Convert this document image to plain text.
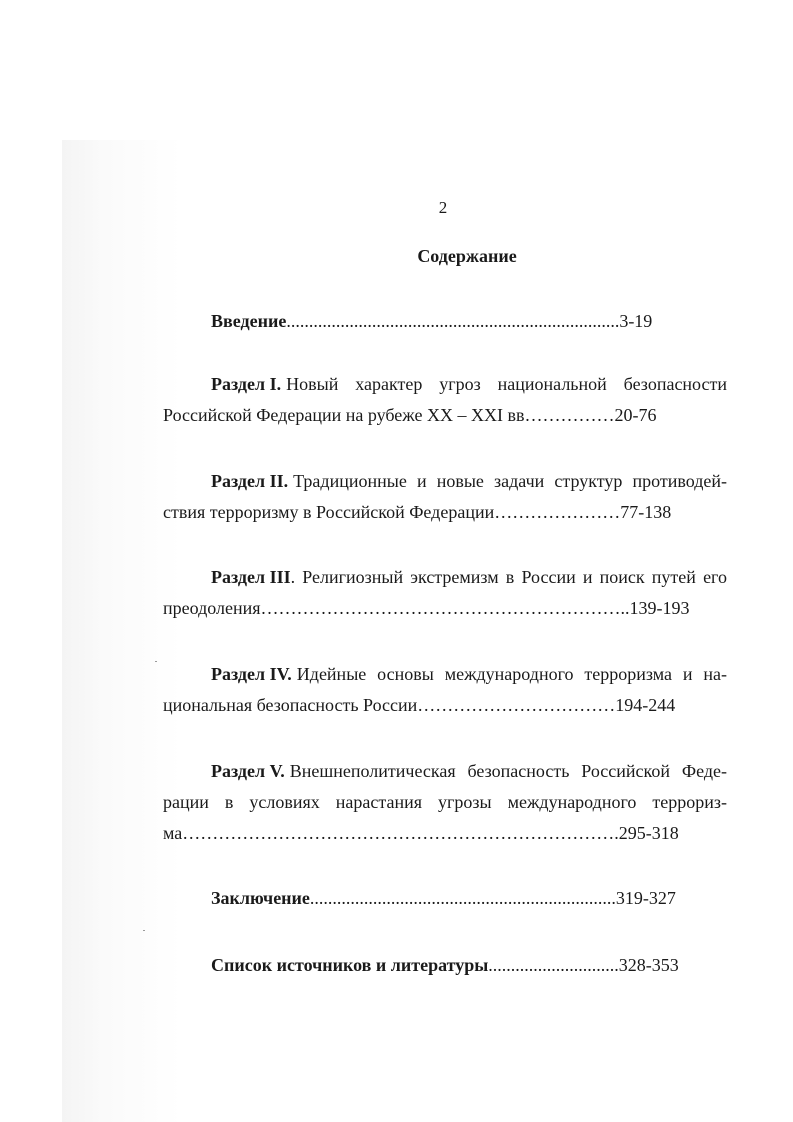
2
Содержание
Введение .......................................................................... 3-19
Раздел I. Новый характер угроз национальной безопасности
Российской Федерации на рубеже XX – XXI вв …………… 20-76
Раздел II. Традиционные и новые задачи структур противодей-
ствия терроризму в Российской Федерации ………………… 77-138
Раздел III . Религиозный экстремизм в России и поиск путей его
преодоления …………………………………………………….. 139-193
Раздел IV. Идейные основы международного терроризма и на-
циональная безопасность России …………………………… 194-244
Раздел V. Внешнеполитическая безопасность Российской Феде-
рации в условиях нарастания угрозы международного террориз-
ма ………………………………………………………………. 295-318
Заключение .................................................................... 319-327
Список источников и литературы ............................. 328-353
